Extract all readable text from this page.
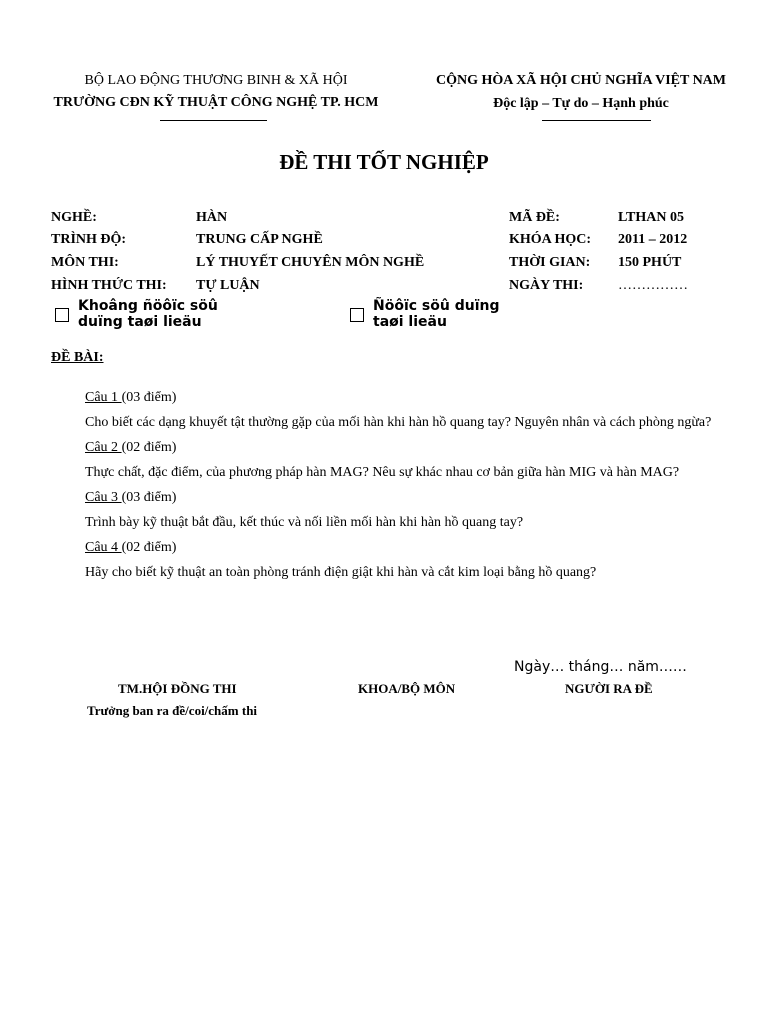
BỘ LAO ĐỘNG THƯƠNG BINH & XÃ HỘI
TRƯỜNG CĐN KỸ THUẬT CÔNG NGHỆ TP. HCM
CỘNG HÒA XÃ HỘI CHỦ NGHĨA VIỆT NAM
Độc lập – Tự do – Hạnh phúc
ĐỀ THI TỐT NGHIỆP
NGHỀ:	HÀN
TRÌNH ĐỘ:	TRUNG CẤP NGHỀ
MÔN THI:	LÝ THUYẾT CHUYÊN MÔN NGHỀ
HÌNH THỨC THI: TỰ LUẬN
MÃ ĐỀ:	LTHAN 05
KHÓA HỌC: 2011 – 2012
THỜI GIAN: 150 PHÚT
NGÀY THI: ……………
Khoâng ñöôïc söû
duïng taøi lieäu
Ñöôïc söû duïng
taøi lieäu
ĐỀ BÀI:
Câu 1 (03 điểm)
Cho biết các dạng khuyết tật thường gặp của mối hàn khi hàn hồ quang tay? Nguyên nhân và cách phòng ngừa?
Câu 2 (02 điểm)
Thực chất, đặc điểm, của phương pháp hàn MAG? Nêu sự khác nhau cơ bản giữa hàn MIG và hàn MAG?
Câu 3 (03 điểm)
Trình bày kỹ thuật bắt đầu, kết thúc và nối liền mối hàn khi hàn hồ quang tay?
Câu 4 (02 điểm)
Hãy cho biết kỹ thuật an toàn phòng tránh điện giật khi hàn và cắt kim loại bằng hồ quang?
Ngày… tháng… năm……
TM.HỘI ĐỒNG THI
Trưởng ban ra đề/coi/chấm thi
KHOA/BỘ MÔN	NGƯỜI RA ĐỀ
